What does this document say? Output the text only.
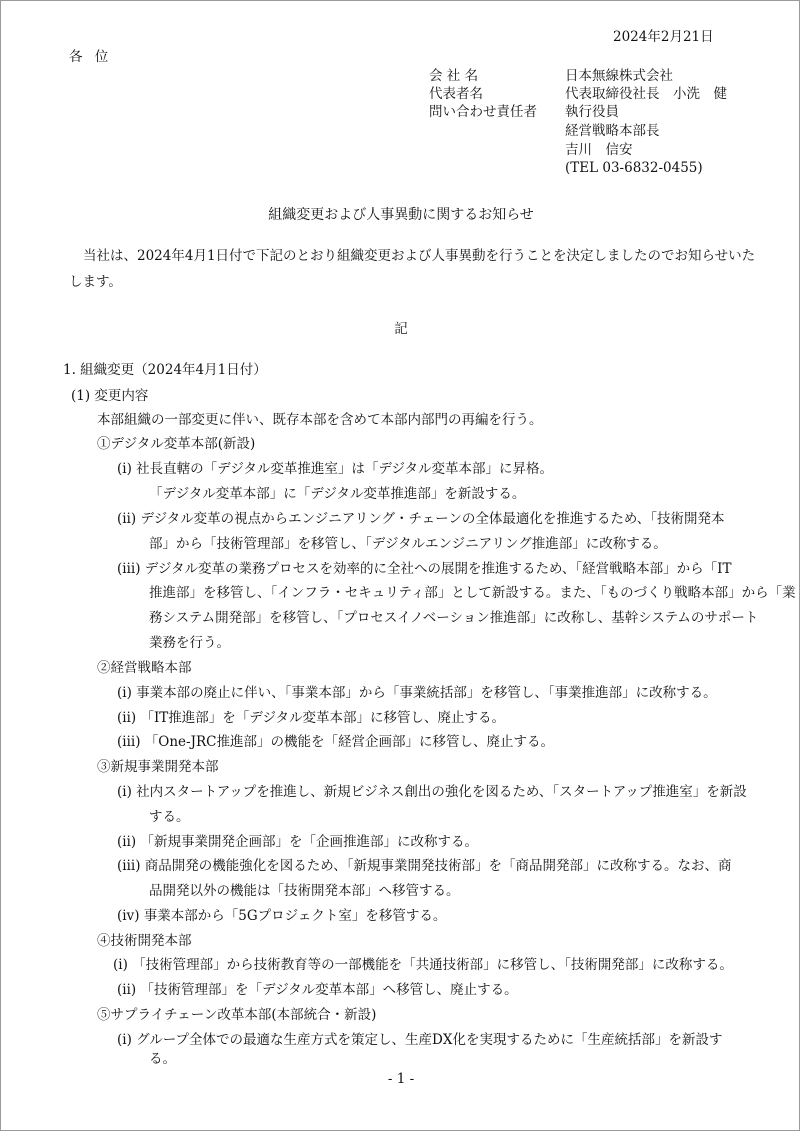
2024年2月21日
各 位
会 社 名	日本無線株式会社
代表者名	代表取締役社長　小洗　健
問い合わせ責任者 執行役員
経営戦略本部長
吉川　信安
(TEL 03-6832-0455)
組織変更および人事異動に関するお知らせ
当社は、2024年4月1日付で下記のとおり組織変更および人事異動を行うことを決定しましたのでお知らせいた
します。
記
1. 組織変更（2024年4月1日付）
(1) 変更内容
本部組織の一部変更に伴い、既存本部を含めて本部内部門の再編を行う。
①デジタル変革本部(新設)
(ⅰ) 社長直轄の「デジタル変革推進室」は「デジタル変革本部」に昇格。
「デジタル変革本部」に「デジタル変革推進部」を新設する。
(ⅱ) デジタル変革の視点からエンジニアリング・チェーンの全体最適化を推進するため、「技術開発本
部」から「技術管理部」を移管し、「デジタルエンジニアリング推進部」に改称する。
(ⅲ) デジタル変革の業務プロセスを効率的に全社への展開を推進するため、「経営戦略本部」から「IT
推進部」を移管し、「インフラ・セキュリティ部」として新設する。また、「ものづくり戦略本部」から「業
務システム開発部」を移管し、「プロセスイノベーション推進部」に改称し、基幹システムのサポート
業務を行う。
②経営戦略本部
(ⅰ) 事業本部の廃止に伴い、「事業本部」から「事業統括部」を移管し、「事業推進部」に改称する。
(ⅱ) 「IT推進部」を「デジタル変革本部」に移管し、廃止する。
(ⅲ) 「One-JRC推進部」の機能を「経営企画部」に移管し、廃止する。
③新規事業開発本部
(ⅰ) 社内スタートアップを推進し、新規ビジネス創出の強化を図るため、「スタートアップ推進室」を新設
する。
(ⅱ) 「新規事業開発企画部」を「企画推進部」に改称する。
(ⅲ) 商品開発の機能強化を図るため、「新規事業開発技術部」を「商品開発部」に改称する。なお、商
品開発以外の機能は「技術開発本部」へ移管する。
(ⅳ) 事業本部から「5Gプロジェクト室」を移管する。
④技術開発本部
(ⅰ) 「技術管理部」から技術教育等の一部機能を「共通技術部」に移管し、「技術開発部」に改称する。
(ⅱ) 「技術管理部」を「デジタル変革本部」へ移管し、廃止する。
⑤サプライチェーン改革本部(本部統合・新設)
(ⅰ) グループ全体での最適な生産方式を策定し、生産DX化を実現するために「生産統括部」を新設す
る。
- 1 -
